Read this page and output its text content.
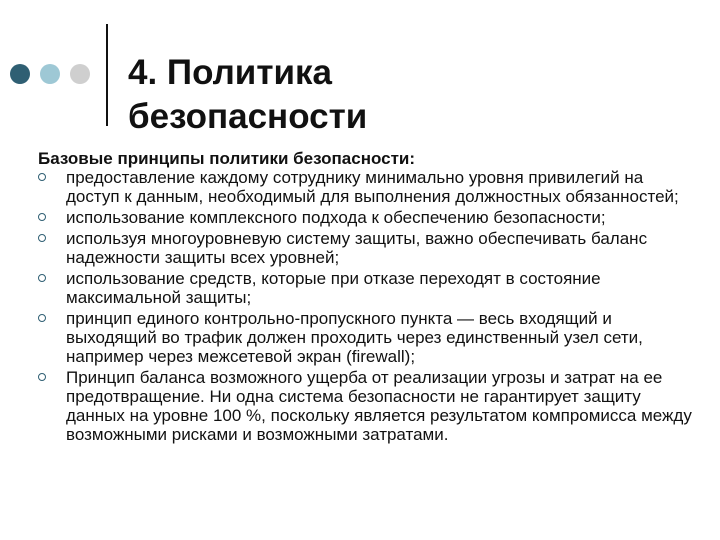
4. Политика
безопасности
Базовые принципы политики безопасности:
предоставление каждому сотруднику минимально уровня привилегий на доступ к данным, необходимый для выполнения должностных обязанностей;
использование комплексного подхода к обеспечению безопасности;
используя многоуровневую систему защиты, важно обеспечивать баланс надежности защиты всех уровней;
использование средств, которые при отказе переходят в состояние максимальной защиты;
принцип единого контрольно-пропускного пункта — весь входящий и выходящий во трафик должен проходить через единственный узел сети, например через межсетевой экран (firewall);
Принцип баланса возможного ущерба от реализации угрозы и затрат на ее предотвращение. Ни одна система безопасности не гарантирует защиту данных на уровне 100 %, поскольку является результатом компромисса между возможными рисками и возможными затратами.
